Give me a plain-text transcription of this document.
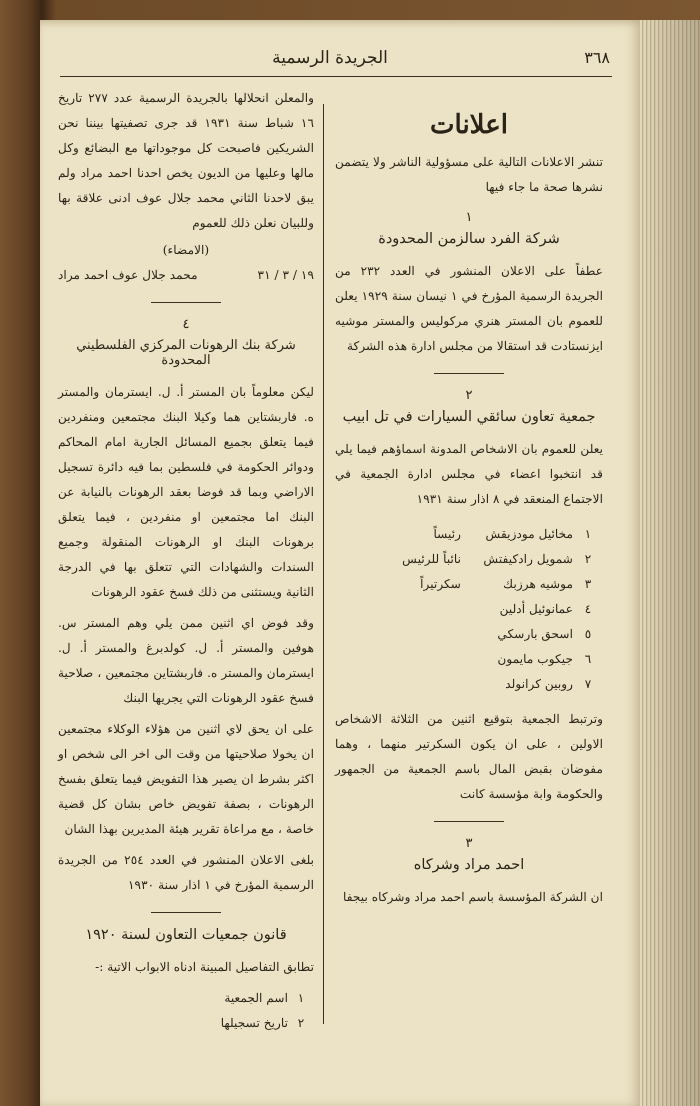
الجريدة الرسمية	٣٦٨
اعلانات

تنشر الاعلانات التالية على مسؤولية الناشر ولا يتضمن نشرها صحة ما جاء فيها

١
شركة الفرد سالزمن المحدودة

عطفاً على الاعلان المنشور في العدد ٢٣٢ من الجريدة الرسمية المؤرخ في ١ نيسان سنة ١٩٢٩ يعلن للعموم بان المستر هنري مركوليس والمستر موشيه ايزنستادت قد استقالا من مجلس ادارة هذه الشركة

٢
جمعية تعاون سائقي السيارات في تل ابيب

يعلن للعموم بان الاشخاص المدونة اسماؤهم فيما يلي قد انتخبوا اعضاء في مجلس ادارة الجمعية في الاجتماع المنعقد في ٨ اذار سنة ١٩٣١

١
مخائيل مودزيقش
رئيساً
٢
شمويل رادكيفتش
نائباً للرئيس
٣
موشيه هرزبك
سكرتيراً
٤
عمانوئيل أدلين
٥
اسحق بارسكي
٦
جيكوب مايمون
٧
روبين كرانولد

وترتبط الجمعية بتوقيع اثنين من الثلاثة الاشخاص الاولين ، على ان يكون السكرتير منهما ، وهما مفوضان بقبض المال باسم الجمعية من الجمهور والحكومة وابة مؤسسة كانت

٣
احمد مراد وشركاه

ان الشركة المؤسسة باسم احمد مراد وشركاه بيجفا

والمعلن انحلالها بالجريدة الرسمية عدد ٢٧٧ تاريخ ١٦ شباط سنة ١٩٣١ قد جرى تصفيتها بيننا نحن الشريكين فاصبحت كل موجوداتها مع البضائع وكل مالها وعليها من الديون يخص احدنا احمد مراد ولم يبق لاحدنا الثاني محمد جلال عوف ادنى علاقة بها وللبيان نعلن ذلك للعموم

(الامضاء)
١٩ / ٣ / ٣١
محمد جلال عوف احمد مراد
٤
شركة بنك الرهونات المركزي الفلسطيني المحدودة

ليكن معلوماً بان المستر أ. ل. ايسترمان والمستر ه. فاربشتاين هما وكيلا البنك مجتمعين ومنفردين فيما يتعلق بجميع المسائل الجارية امام المحاكم ودوائر الحكومة في فلسطين بما فيه دائرة تسجيل الاراضي وبما قد فوضا بعقد الرهونات بالنيابة عن البنك اما مجتمعين او منفردين ، فيما يتعلق برهونات البنك او الرهونات المنقولة وجميع السندات والشهادات التي تتعلق بها في الدرجة الثانية ويستثنى من ذلك فسخ عقود الرهونات

وقد فوض اي اثنين ممن يلي وهم المستر س. هوفين والمستر أ. ل. كولدبرغ والمستر أ. ل. ايسترمان والمستر ه. فاربشتاين مجتمعين ، صلاحية فسخ عقود الرهونات التي يجريها البنك

على ان يحق لاي اثنين من هؤلاء الوكلاء مجتمعين ان يخولا صلاحيتها من وقت الى اخر الى شخص او اكثر بشرط ان يصير هذا التفويض فيما يتعلق بفسخ الرهونات ، بصفة تفويض خاص بشان كل قضية خاصة ، مع مراعاة تقرير هيئة المديرين بهذا الشان

بلغى الاعلان المنشور في العدد ٢٥٤ من الجريدة الرسمية المؤرخ في ١ اذار سنة ١٩٣٠

قانون جمعيات التعاون لسنة ١٩٢٠

تطابق التفاصيل المبينة ادناه الابواب الاتية :-

١
اسم الجمعية
٢
تاريخ تسجيلها
